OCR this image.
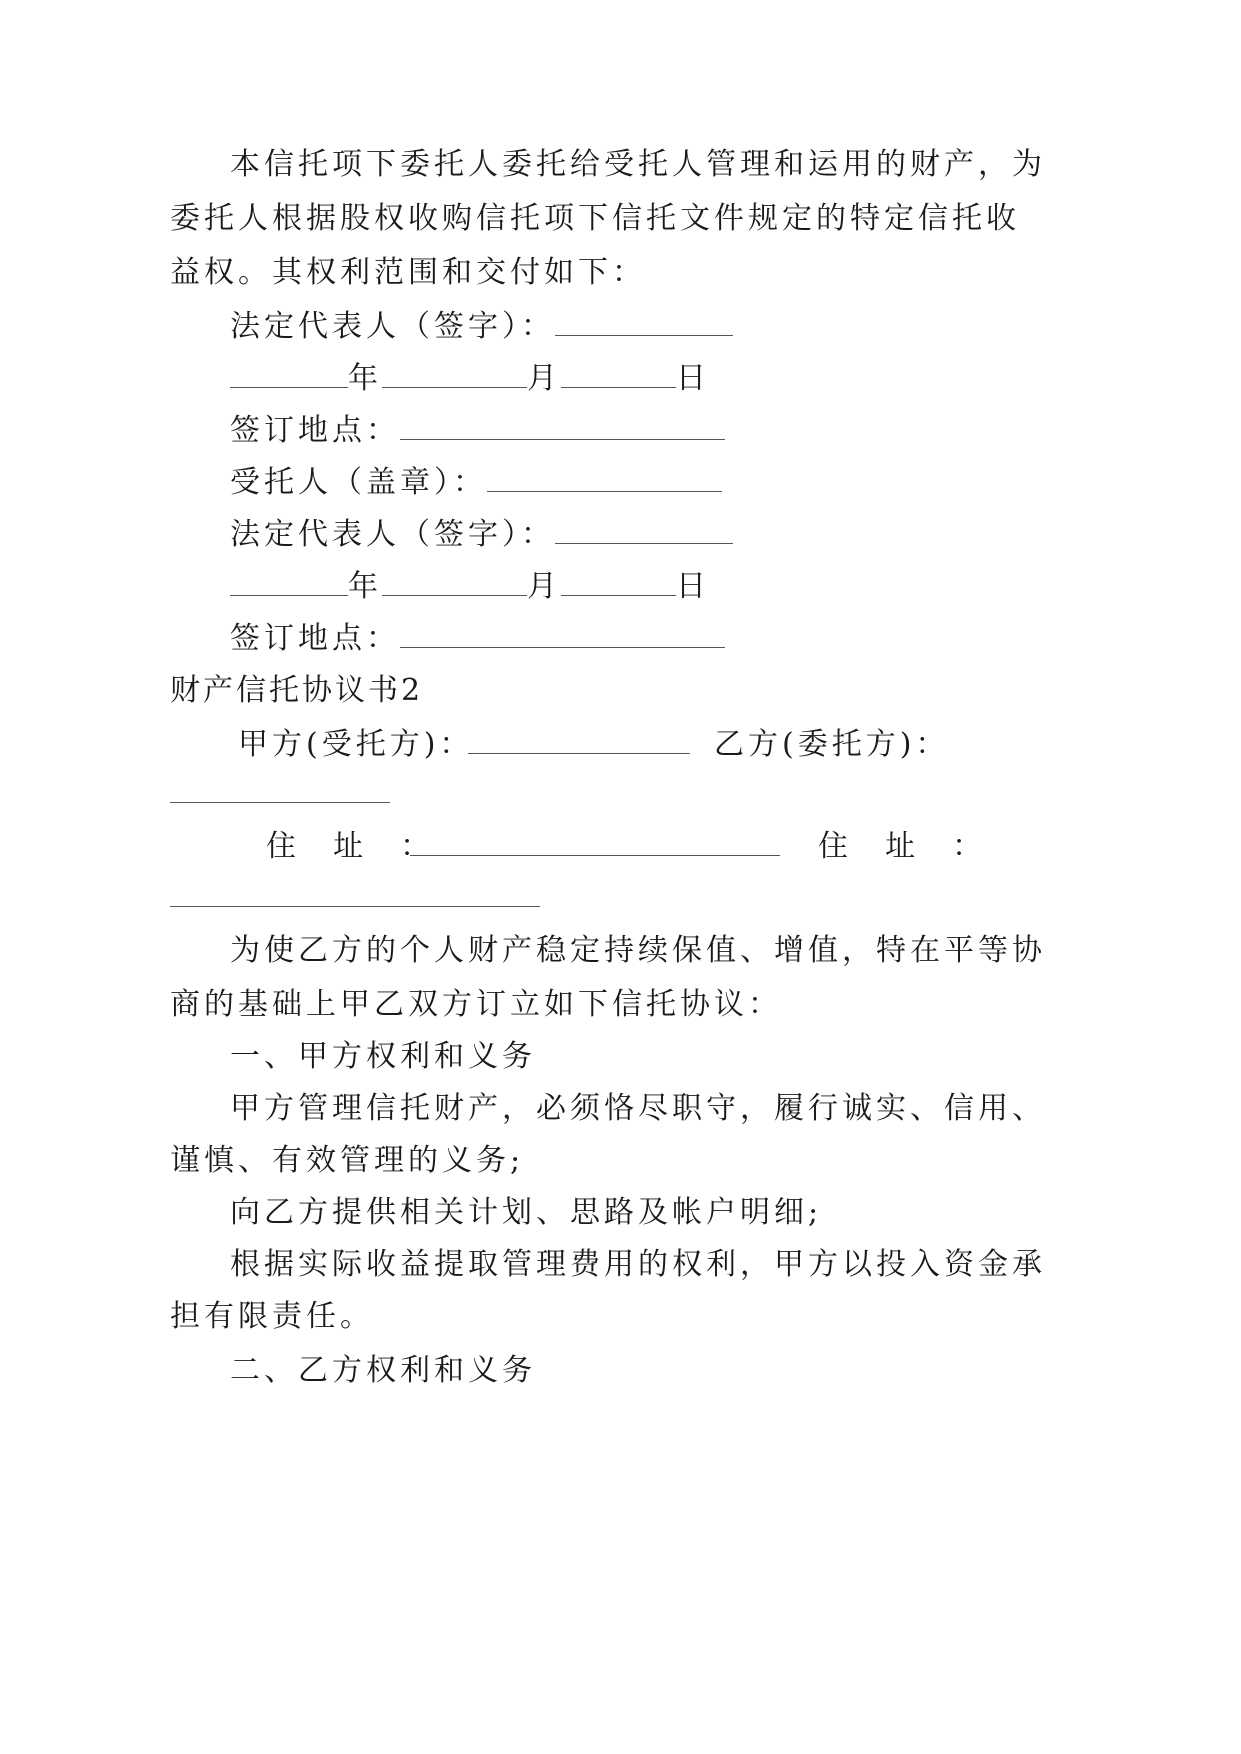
本信托项下委托人委托给受托人管理和运用的财产，为
委托人根据股权收购信托项下信托文件规定的特定信托收
益权。其权利范围和交付如下：
法定代表人（签字）：
年	月	日
签订地点：
受托人（盖章）：
法定代表人（签字）：
年	月	日
签订地点：
财产信托协议书2
甲方(受托方)：	乙方(委托方)：
住  址  ：	住  址  ：
为使乙方的个人财产稳定持续保值、增值，特在平等协
商的基础上甲乙双方订立如下信托协议：
一、甲方权利和义务
甲方管理信托财产，必须恪尽职守，履行诚实、信用、
谨慎、有效管理的义务;
向乙方提供相关计划、思路及帐户明细;
根据实际收益提取管理费用的权利，甲方以投入资金承
担有限责任。
二、乙方权利和义务
